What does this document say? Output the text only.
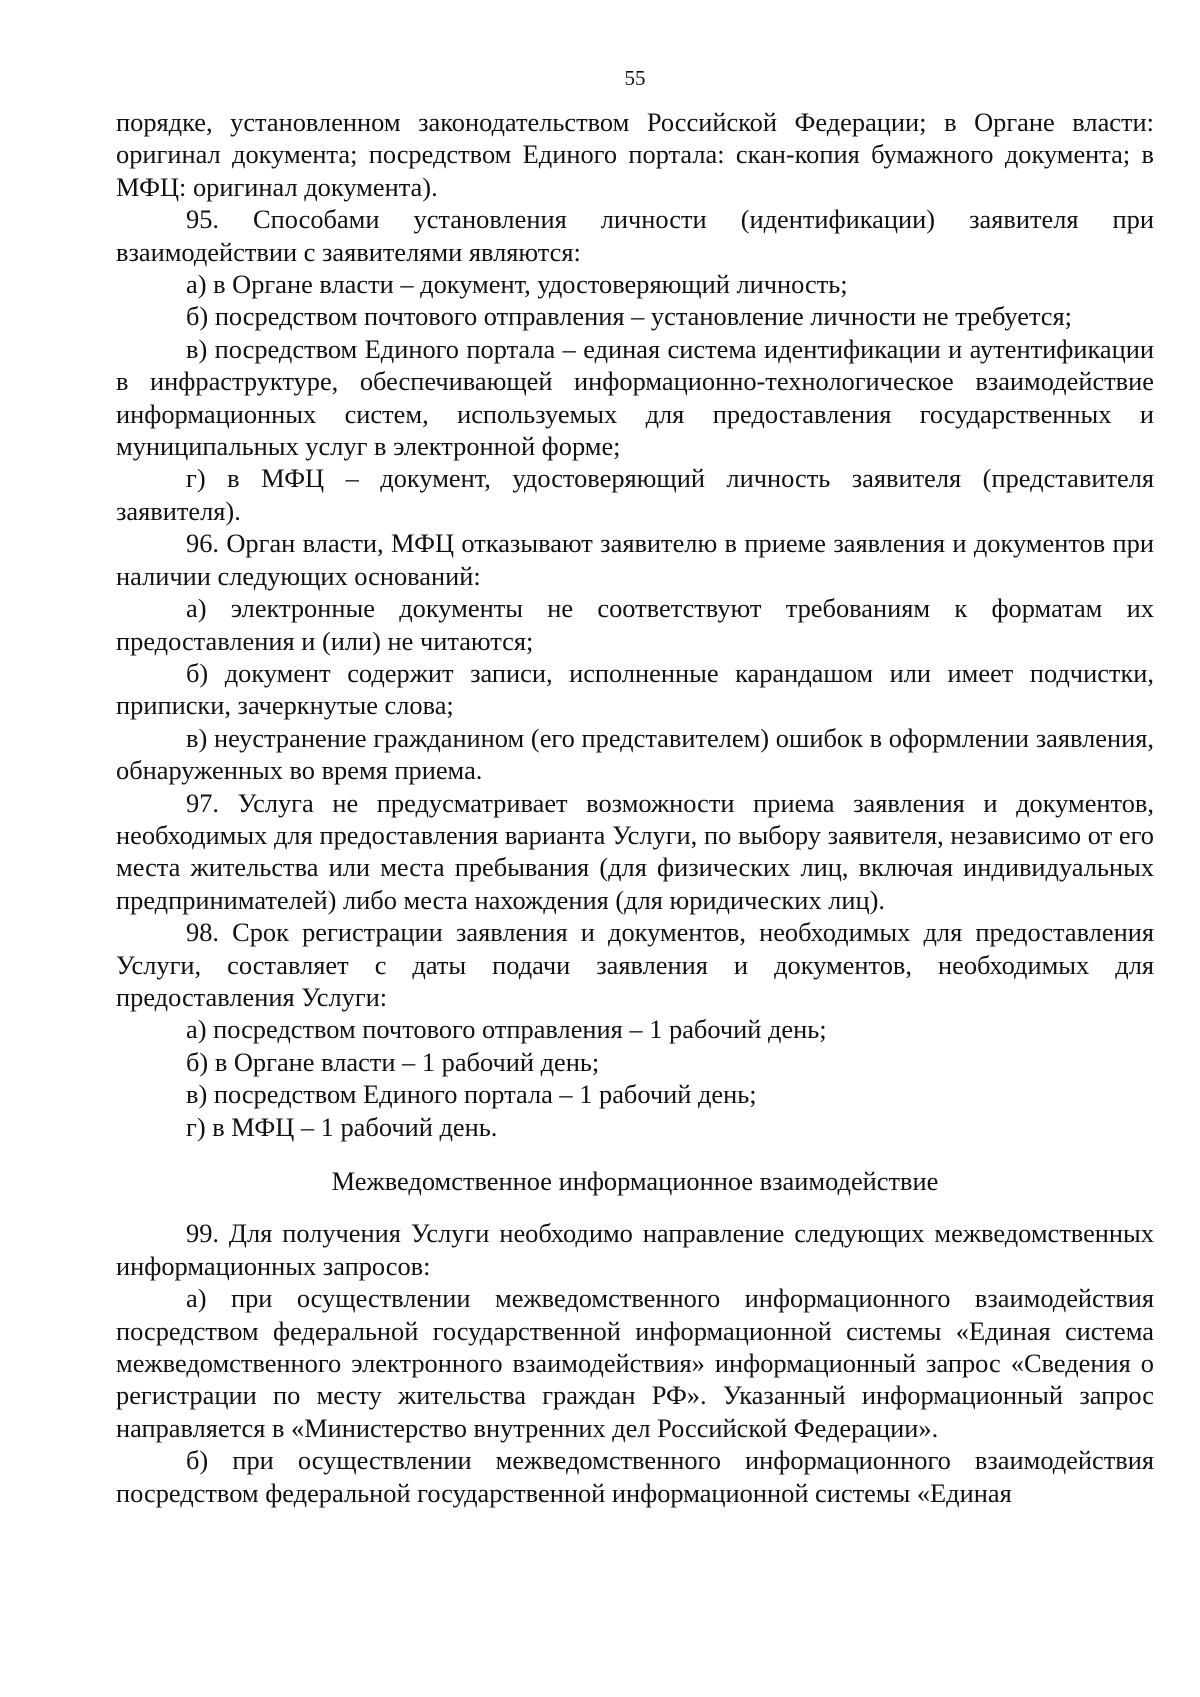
55

порядке, установленном законодательством Российской Федерации; в Органе власти: оригинал документа; посредством Единого портала: скан-копия бумажного документа; в МФЦ: оригинал документа).

95. Способами установления личности (идентификации) заявителя при взаимодействии с заявителями являются:

а) в Органе власти – документ, удостоверяющий личность;

б) посредством почтового отправления – установление личности не требуется;

в) посредством Единого портала – единая система идентификации и аутентификации в инфраструктуре, обеспечивающей информационно-технологическое взаимодействие информационных систем, используемых для предоставления государственных и муниципальных услуг в электронной форме;

г) в МФЦ – документ, удостоверяющий личность заявителя (представителя заявителя).

96. Орган власти, МФЦ отказывают заявителю в приеме заявления и документов при наличии следующих оснований:

а) электронные документы не соответствуют требованиям к форматам их предоставления и (или) не читаются;

б) документ содержит записи, исполненные карандашом или имеет подчистки, приписки, зачеркнутые слова;

в) неустранение гражданином (его представителем) ошибок в оформлении заявления, обнаруженных во время приема.

97. Услуга не предусматривает возможности приема заявления и документов, необходимых для предоставления варианта Услуги, по выбору заявителя, независимо от его места жительства или места пребывания (для физических лиц, включая индивидуальных предпринимателей) либо места нахождения (для юридических лиц).

98. Срок регистрации заявления и документов, необходимых для предоставления Услуги, составляет с даты подачи заявления и документов, необходимых для предоставления Услуги:

а) посредством почтового отправления – 1 рабочий день;

б) в Органе власти – 1 рабочий день;

в) посредством Единого портала – 1 рабочий день;

г) в МФЦ – 1 рабочий день.

Межведомственное информационное взаимодействие

99. Для получения Услуги необходимо направление следующих межведомственных информационных запросов:

а) при осуществлении межведомственного информационного взаимодействия посредством федеральной государственной информационной системы «Единая система межведомственного электронного взаимодействия» информационный запрос «Сведения о регистрации по месту жительства граждан РФ». Указанный информационный запрос направляется в «Министерство внутренних дел Российской Федерации».

б) при осуществлении межведомственного информационного взаимодействия посредством федеральной государственной информационной системы «Единая
